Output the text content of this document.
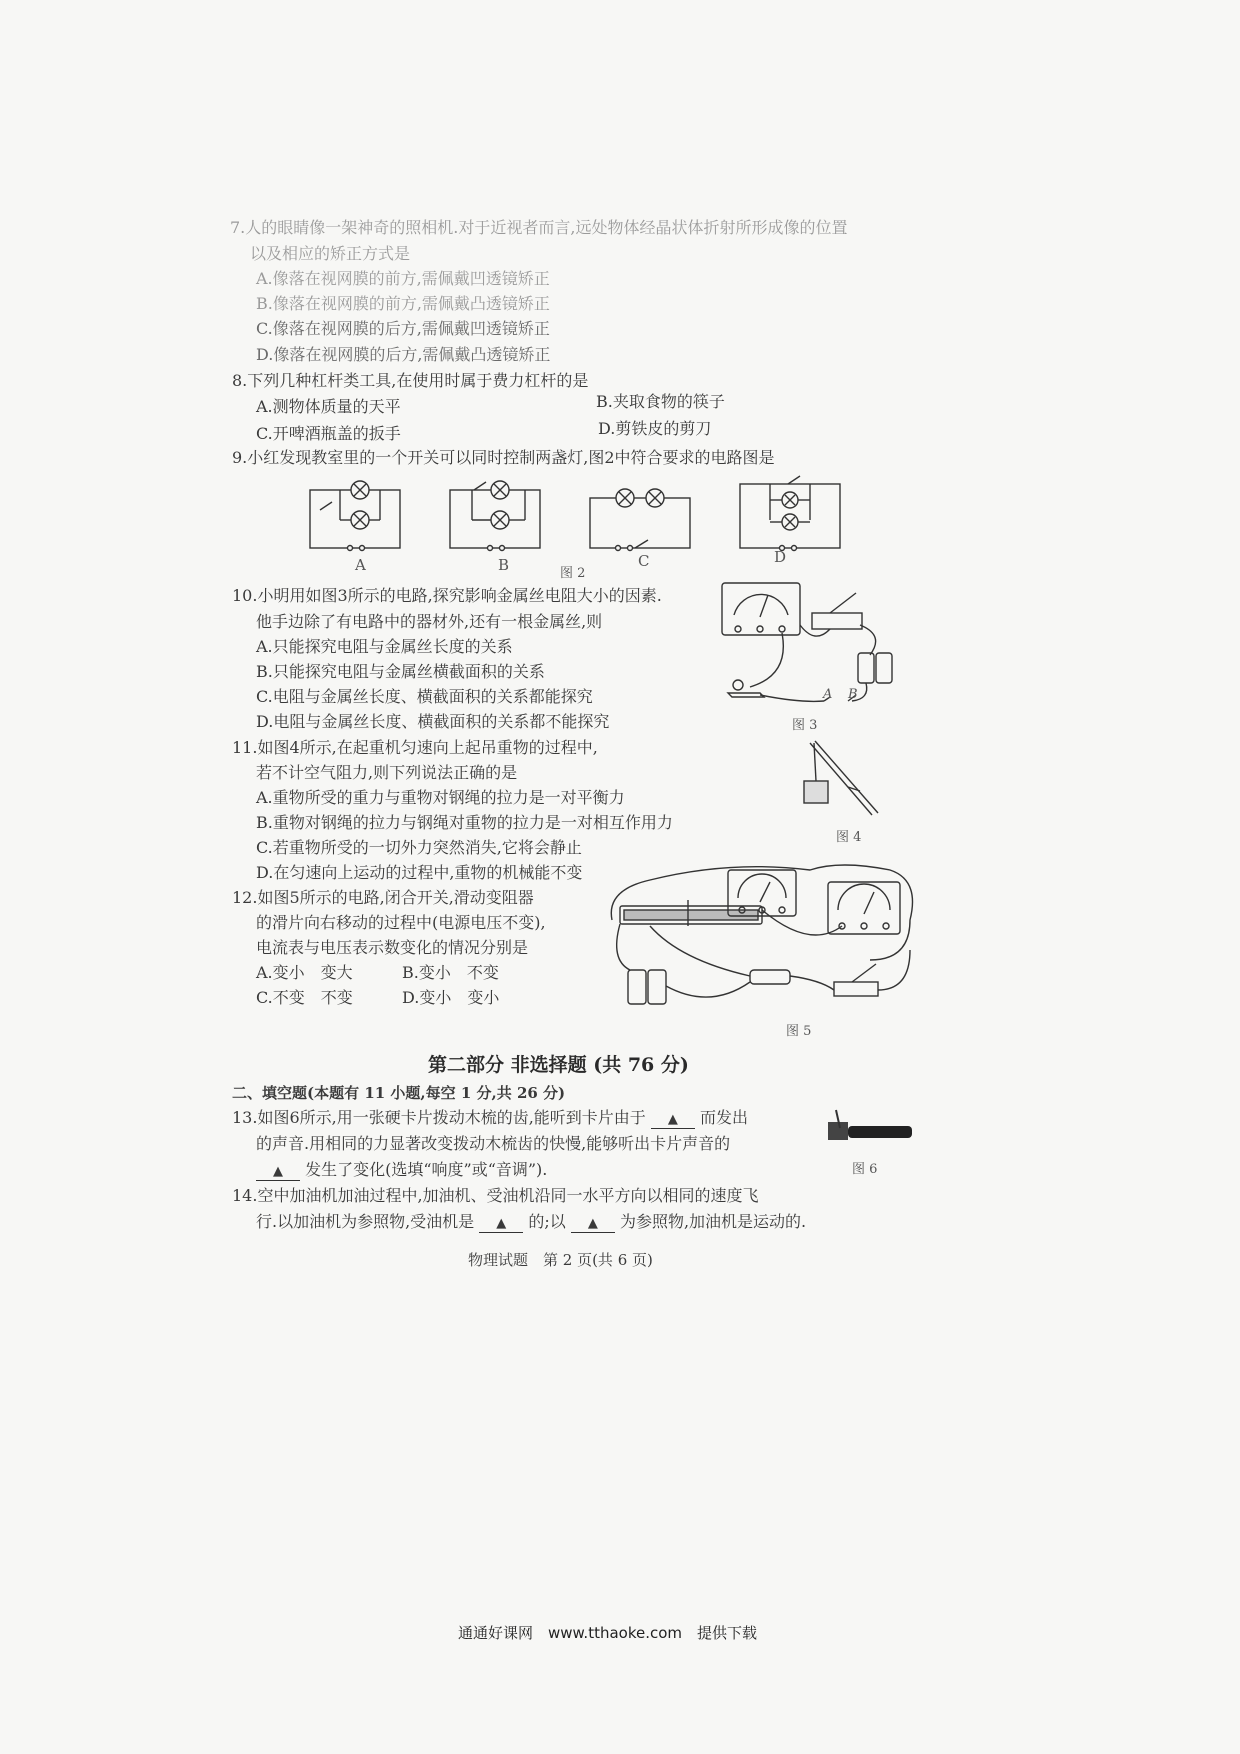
7.人的眼睛像一架神奇的照相机.对于近视者而言,远处物体经晶状体折射所形成像的位置
以及相应的矫正方式是
A.像落在视网膜的前方,需佩戴凹透镜矫正
B.像落在视网膜的前方,需佩戴凸透镜矫正
C.像落在视网膜的后方,需佩戴凹透镜矫正
D.像落在视网膜的后方,需佩戴凸透镜矫正
8.下列几种杠杆类工具,在使用时属于费力杠杆的是
A.测物体质量的天平	B.夹取食物的筷子
C.开啤酒瓶盖的扳手	D.剪铁皮的剪刀
9.小红发现教室里的一个开关可以同时控制两盏灯,图2中符合要求的电路图是
A	B	图 2
C	D
10.小明用如图3所示的电路,探究影响金属丝电阻大小的因素.
他手边除了有电路中的器材外,还有一根金属丝,则
A.只能探究电阻与金属丝长度的关系
B.只能探究电阻与金属丝横截面积的关系
C.电阻与金属丝长度、横截面积的关系都能探究
D.电阻与金属丝长度、横截面积的关系都不能探究
A B
图 3
11.如图4所示,在起重机匀速向上起吊重物的过程中,
若不计空气阻力,则下列说法正确的是
A.重物所受的重力与重物对钢绳的拉力是一对平衡力
B.重物对钢绳的拉力与钢绳对重物的拉力是一对相互作用力
C.若重物所受的一切外力突然消失,它将会静止
D.在匀速向上运动的过程中,重物的机械能不变
图 4
12.如图5所示的电路,闭合开关,滑动变阻器
的滑片向右移动的过程中(电源电压不变),
电流表与电压表示数变化的情况分别是
A.变小　变大	B.变小　不变
C.不变　不变	D.变小　变小
图 5
第二部分 非选择题 (共 76 分)
二、填空题(本题有 11 小题,每空 1 分,共 26 分)
13.如图6所示,用一张硬卡片拨动木梳的齿,能听到卡片由于 ▲ 而发出
的声音.用相同的力显著改变拨动木梳齿的快慢,能够听出卡片声音的
▲ 发生了变化(选填“响度”或“音调”).	图 6
14.空中加油机加油过程中,加油机、受油机沿同一水平方向以相同的速度飞
行.以加油机为参照物,受油机是 ▲ 的;以 ▲ 为参照物,加油机是运动的.
物理试题　第 2 页(共 6 页)
通通好课网　www.tthaoke.com　提供下载
